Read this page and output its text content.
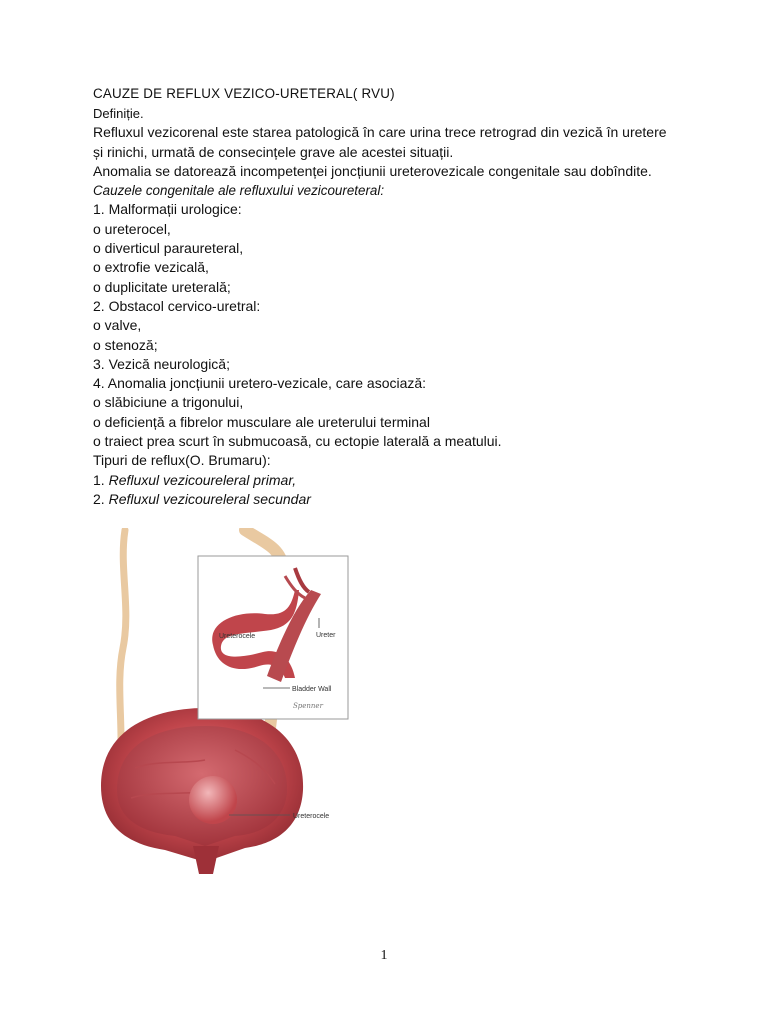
CAUZE DE REFLUX VEZICO-URETERAL( RVU)
Definiție.
Refluxul vezicorenal este starea patologică în care urina trece retrograd din vezică în uretere
și rinichi, urmată de consecințele grave ale acestei situații.
Anomalia se datorează incompetenței joncțiunii ureterovezicale congenitale sau dobîndite.
Cauzele congenitale ale refluxului vezicoureteral:
1. Malformații urologice:
o ureterocel,
o diverticul paraureteral,
o extrofie vezicală,
o duplicitate ureterală;
2. Obstacol cervico-uretral:
o valve,
o stenoză;
3. Vezică neurologică;
4. Anomalia joncțiunii uretero-vezicale, care asociază:
o slăbiciune a trigonului,
o deficiență a fibrelor musculare ale ureterului terminal
o traiect prea scurt în submucoasă, cu ectopie laterală a meatului.
Tipuri de reflux(O. Brumaru):
1. Refluxul vezicoureleral primar,
2. Refluxul vezicoureleral secundar
Ureterocele
Ureterocele	Ureter
Bladder Wall
Spenner
1
